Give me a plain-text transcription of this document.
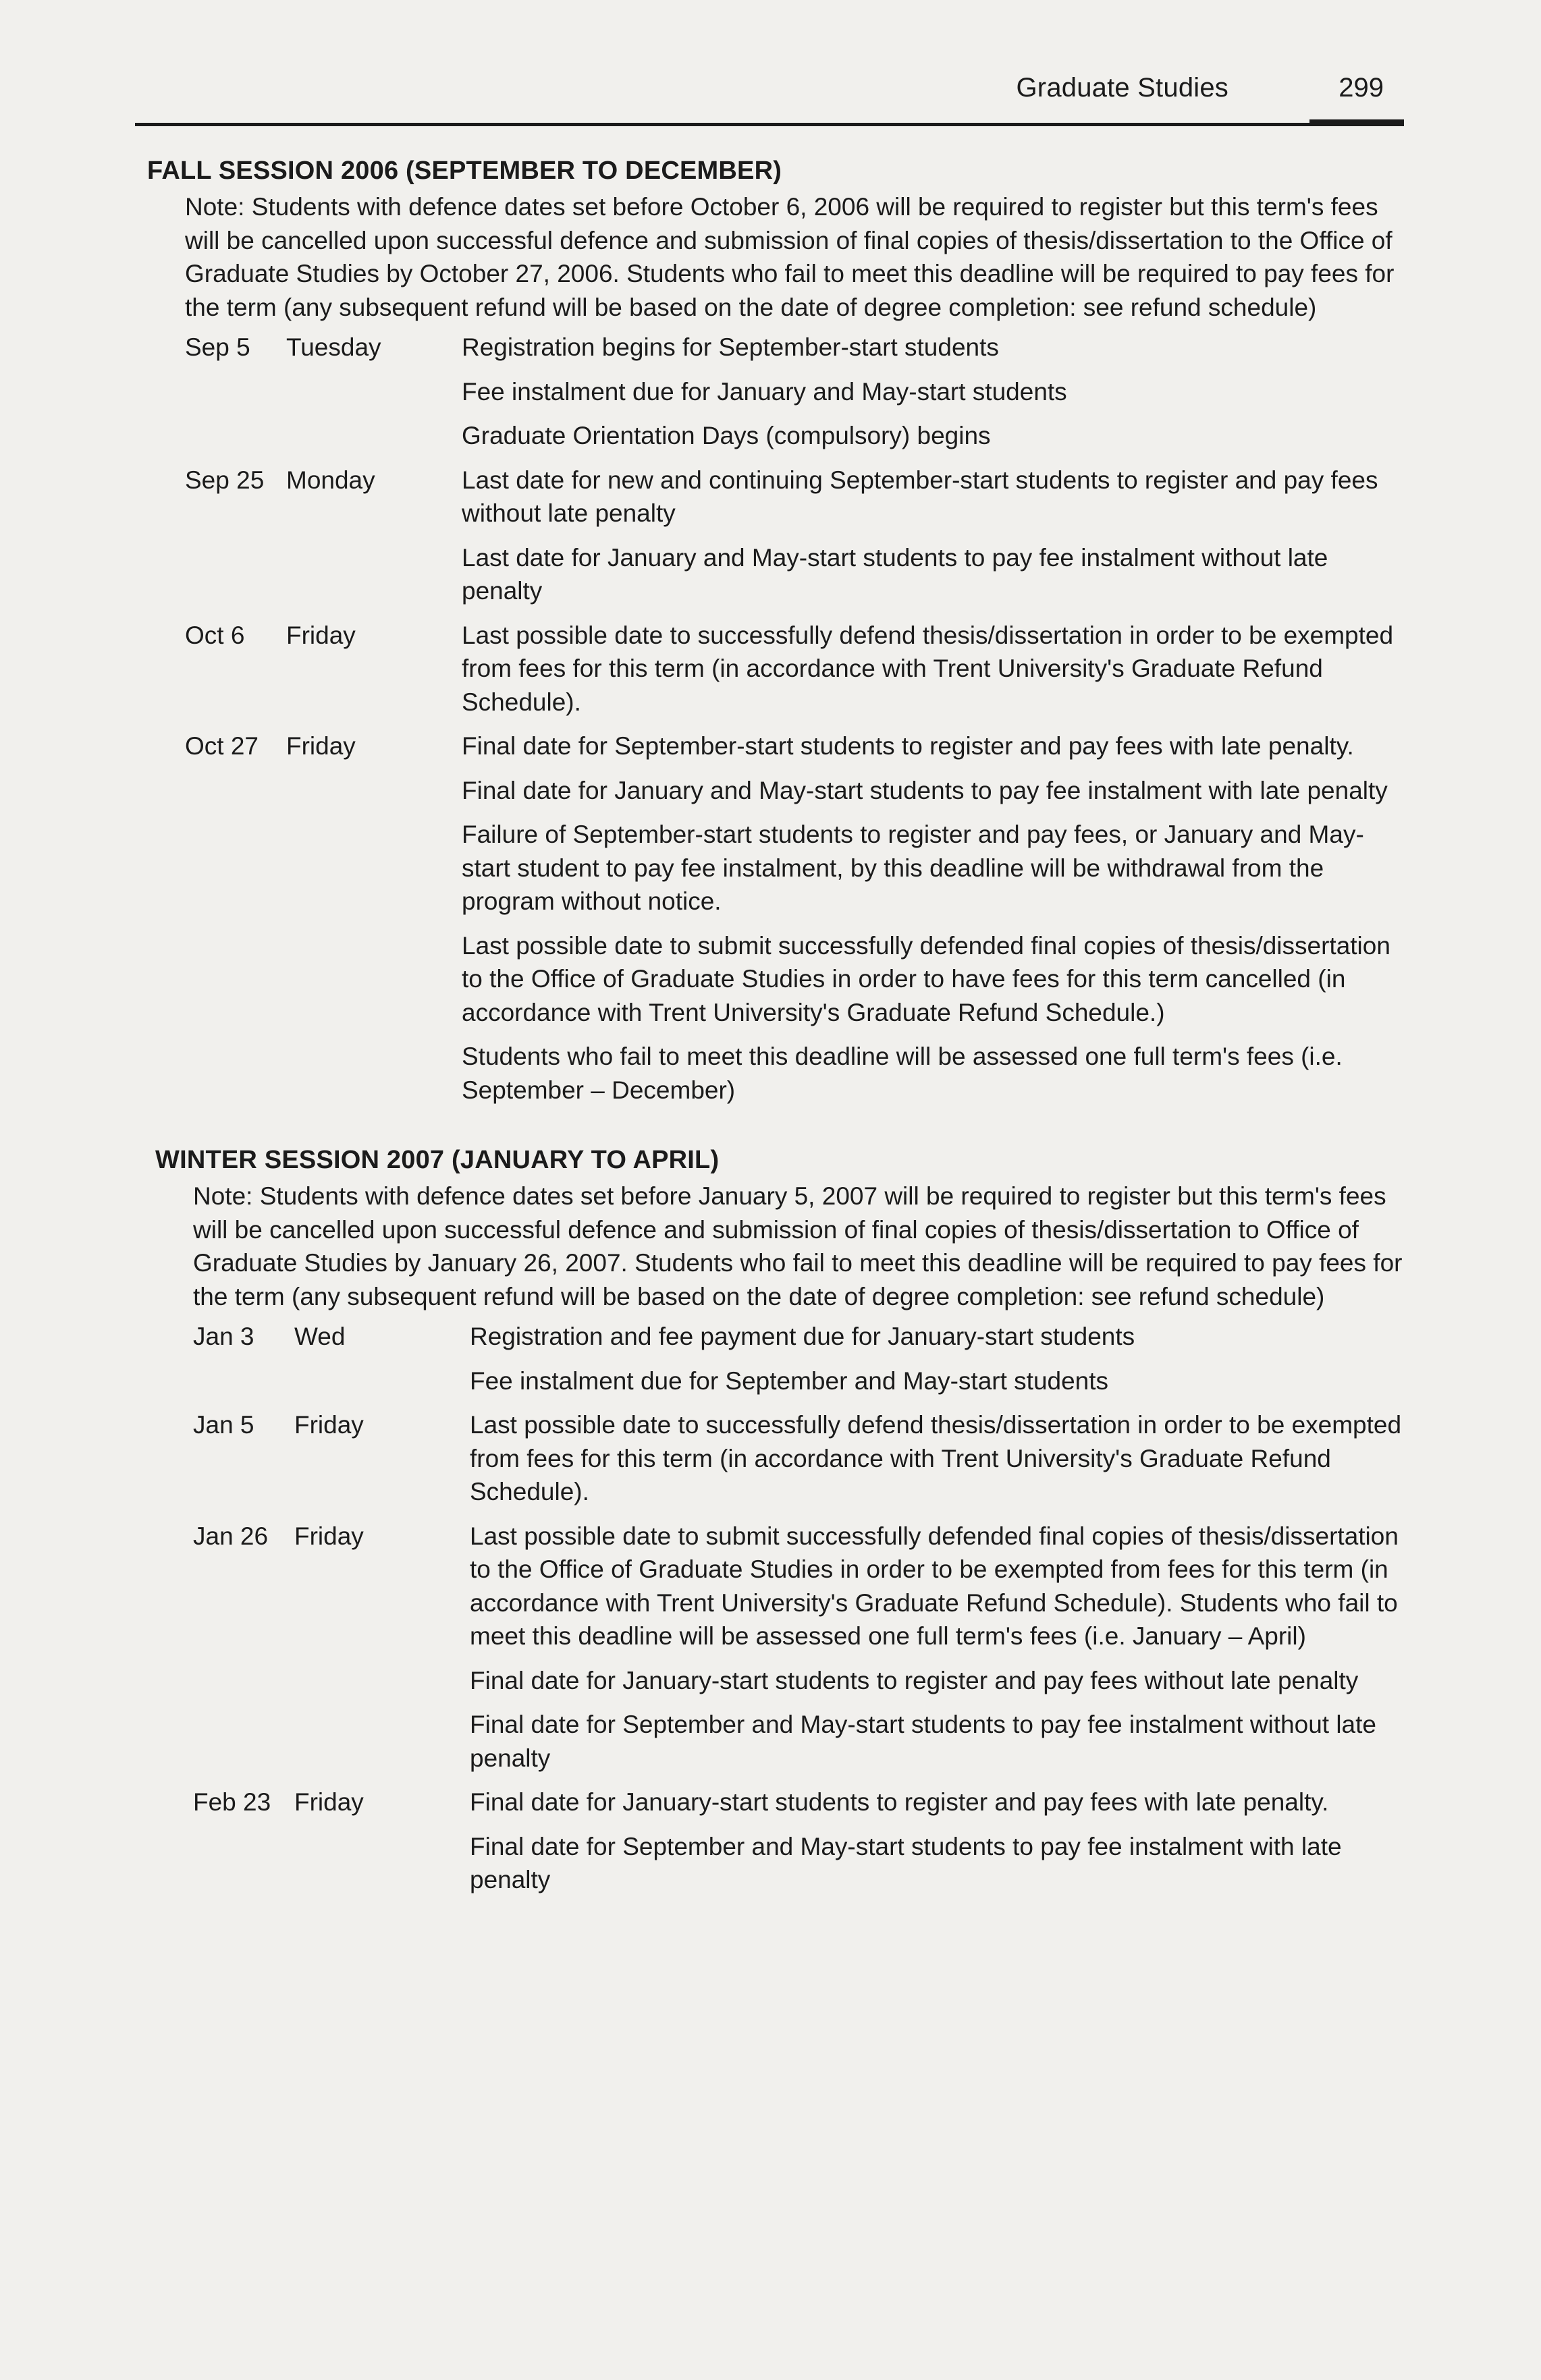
Graduate Studies	299
FALL SESSION 2006 (SEPTEMBER TO DECEMBER)

Note: Students with defence dates set before October 6, 2006 will be required to register but this term's fees will be cancelled upon successful defence and submission of final copies of thesis/dissertation to the Office of Graduate Studies by October 27, 2006. Students who fail to meet this deadline will be required to pay fees for the term (any subsequent refund will be based on the date of degree completion: see refund schedule)

Sep 5	Tuesday	Registration begins for September-start students

Fee instalment due for January and May-start students

Graduate Orientation Days (compulsory) begins

Sep 25 Monday	Last date for new and continuing September-start students to register and pay fees without late penalty

Last date for January and May-start students to pay fee instalment without late penalty

Oct 6	Friday	Last possible date to successfully defend thesis/dissertation in order to be exempted from fees for this term (in accordance with Trent University's Graduate Refund Schedule).

Oct 27	Friday	Final date for September-start students to register and pay fees with late penalty.

Final date for January and May-start students to pay fee instalment with late penalty

Failure of September-start students to register and pay fees, or January and May-start student to pay fee instalment, by this deadline will be withdrawal from the program without notice.

Last possible date to submit successfully defended final copies of thesis/dissertation to the Office of Graduate Studies in order to have fees for this term cancelled (in accordance with Trent University's Graduate Refund Schedule.)

Students who fail to meet this deadline will be assessed one full term's fees (i.e. September – December)

WINTER SESSION 2007 (JANUARY TO APRIL)

Note: Students with defence dates set before January 5, 2007 will be required to register but this term's fees will be cancelled upon successful defence and submission of final copies of thesis/dissertation to Office of Graduate Studies by January 26, 2007. Students who fail to meet this deadline will be required to pay fees for the term (any subsequent refund will be based on the date of degree completion: see refund schedule)

Jan 3	Wed	Registration and fee payment due for January-start students

Fee instalment due for September and May-start students

Jan 5	Friday	Last possible date to successfully defend thesis/dissertation in order to be exempted from fees for this term (in accordance with Trent University's Graduate Refund Schedule).

Jan 26	Friday	Last possible date to submit successfully defended final copies of thesis/dissertation to the Office of Graduate Studies in order to be exempted from fees for this term (in accordance with Trent University's Graduate Refund Schedule). Students who fail to meet this deadline will be assessed one full term's fees (i.e. January – April)

Final date for January-start students to register and pay fees without late penalty

Final date for September and May-start students to pay fee instalment without late penalty

Feb 23 Friday	Final date for January-start students to register and pay fees with late penalty.

Final date for September and May-start students to pay fee instalment with late penalty
